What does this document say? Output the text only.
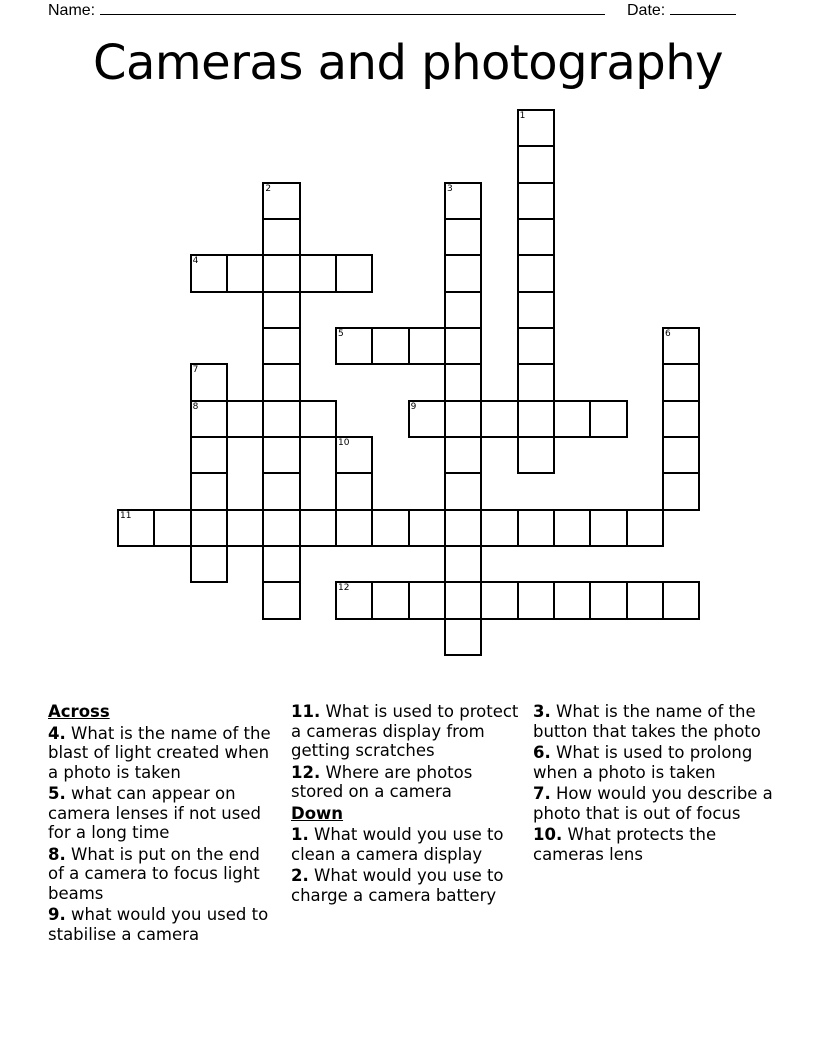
Name:	Date:
Cameras and photography
1
2	3
4
5	6
7
8	9
10
11
12
Across
4. What is the name of the blast of light created when a photo is taken
5. what can appear on camera lenses if not used for a long time
8. What is put on the end of a camera to focus light beams
9. what would you used to stabilise a camera
11. What is used to protect a cameras display from getting scratches
12. Where are photos stored on a camera
Down
1. What would you use to clean a camera display
2. What would you use to charge a camera battery
3. What is the name of the button that takes the photo
6. What is used to prolong when a photo is taken
7. How would you describe a photo that is out of focus
10. What protects the cameras lens
